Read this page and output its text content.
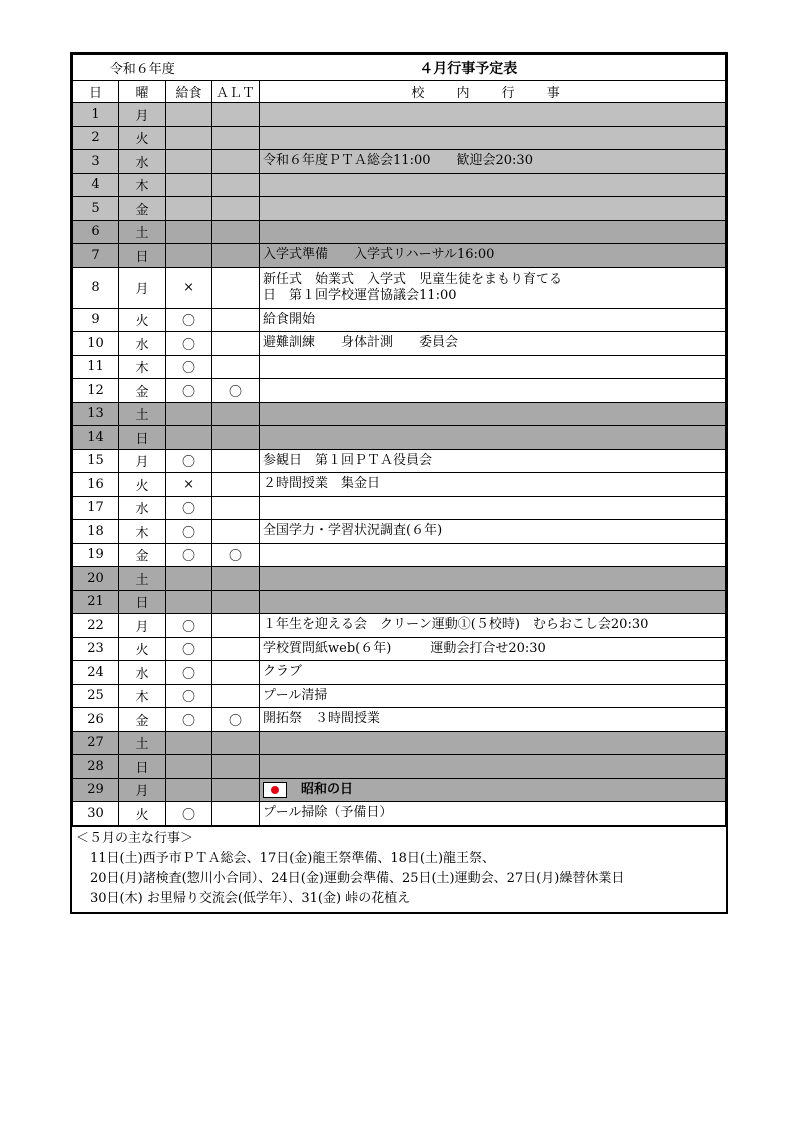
令和６年度			４月行事予定表	
日	曜	給食	ＡＬＴ	校 内 行 事
1	月			
2	火			
3	水			令和６年度ＰＴＡ総会11:00　　歓迎会20:30

4	木			
5	金			
6	土			
7	日			入学式準備　　入学式リハーサル16:00

8	月	×		新任式　始業式　入学式　児童生徒をまもり育てる
日　第１回学校運営協議会11:00

9	火	〇		給食開始

10	水	〇		避難訓練　　身体計測　　委員会

11	木	〇		
12	金	〇	〇	
13	土			
14	日			
15	月	〇		参観日　第１回ＰＴＡ役員会

16	火	×		２時間授業　集金日

17	水	〇		
18	木	〇		全国学力・学習状況調査(６年)

19	金	〇	〇	
20	土			
21	日			
22	月	〇		１年生を迎える会　クリーン運動①(５校時)　むらおこし会20:30

23	火	〇		学校質問紙web(６年)　　　運動会打合せ20:30

24	水	〇		クラブ

25	木	〇		プール清掃

26	金	〇	〇	開拓祭　３時間授業

27	土			
28	日			
29	月			昭和の日
30	火	〇		プール掃除（予備日）
＜５月の主な行事＞
11日(土)西予市ＰＴＡ総会、17日(金)龍王祭準備、18日(土)龍王祭、
20日(月)諸検査(惣川小合同）、24日(金)運動会準備、25日(土)運動会、27日(月)繰替休業日
30日(木) お里帰り交流会(低学年）、31(金) 峠の花植え
